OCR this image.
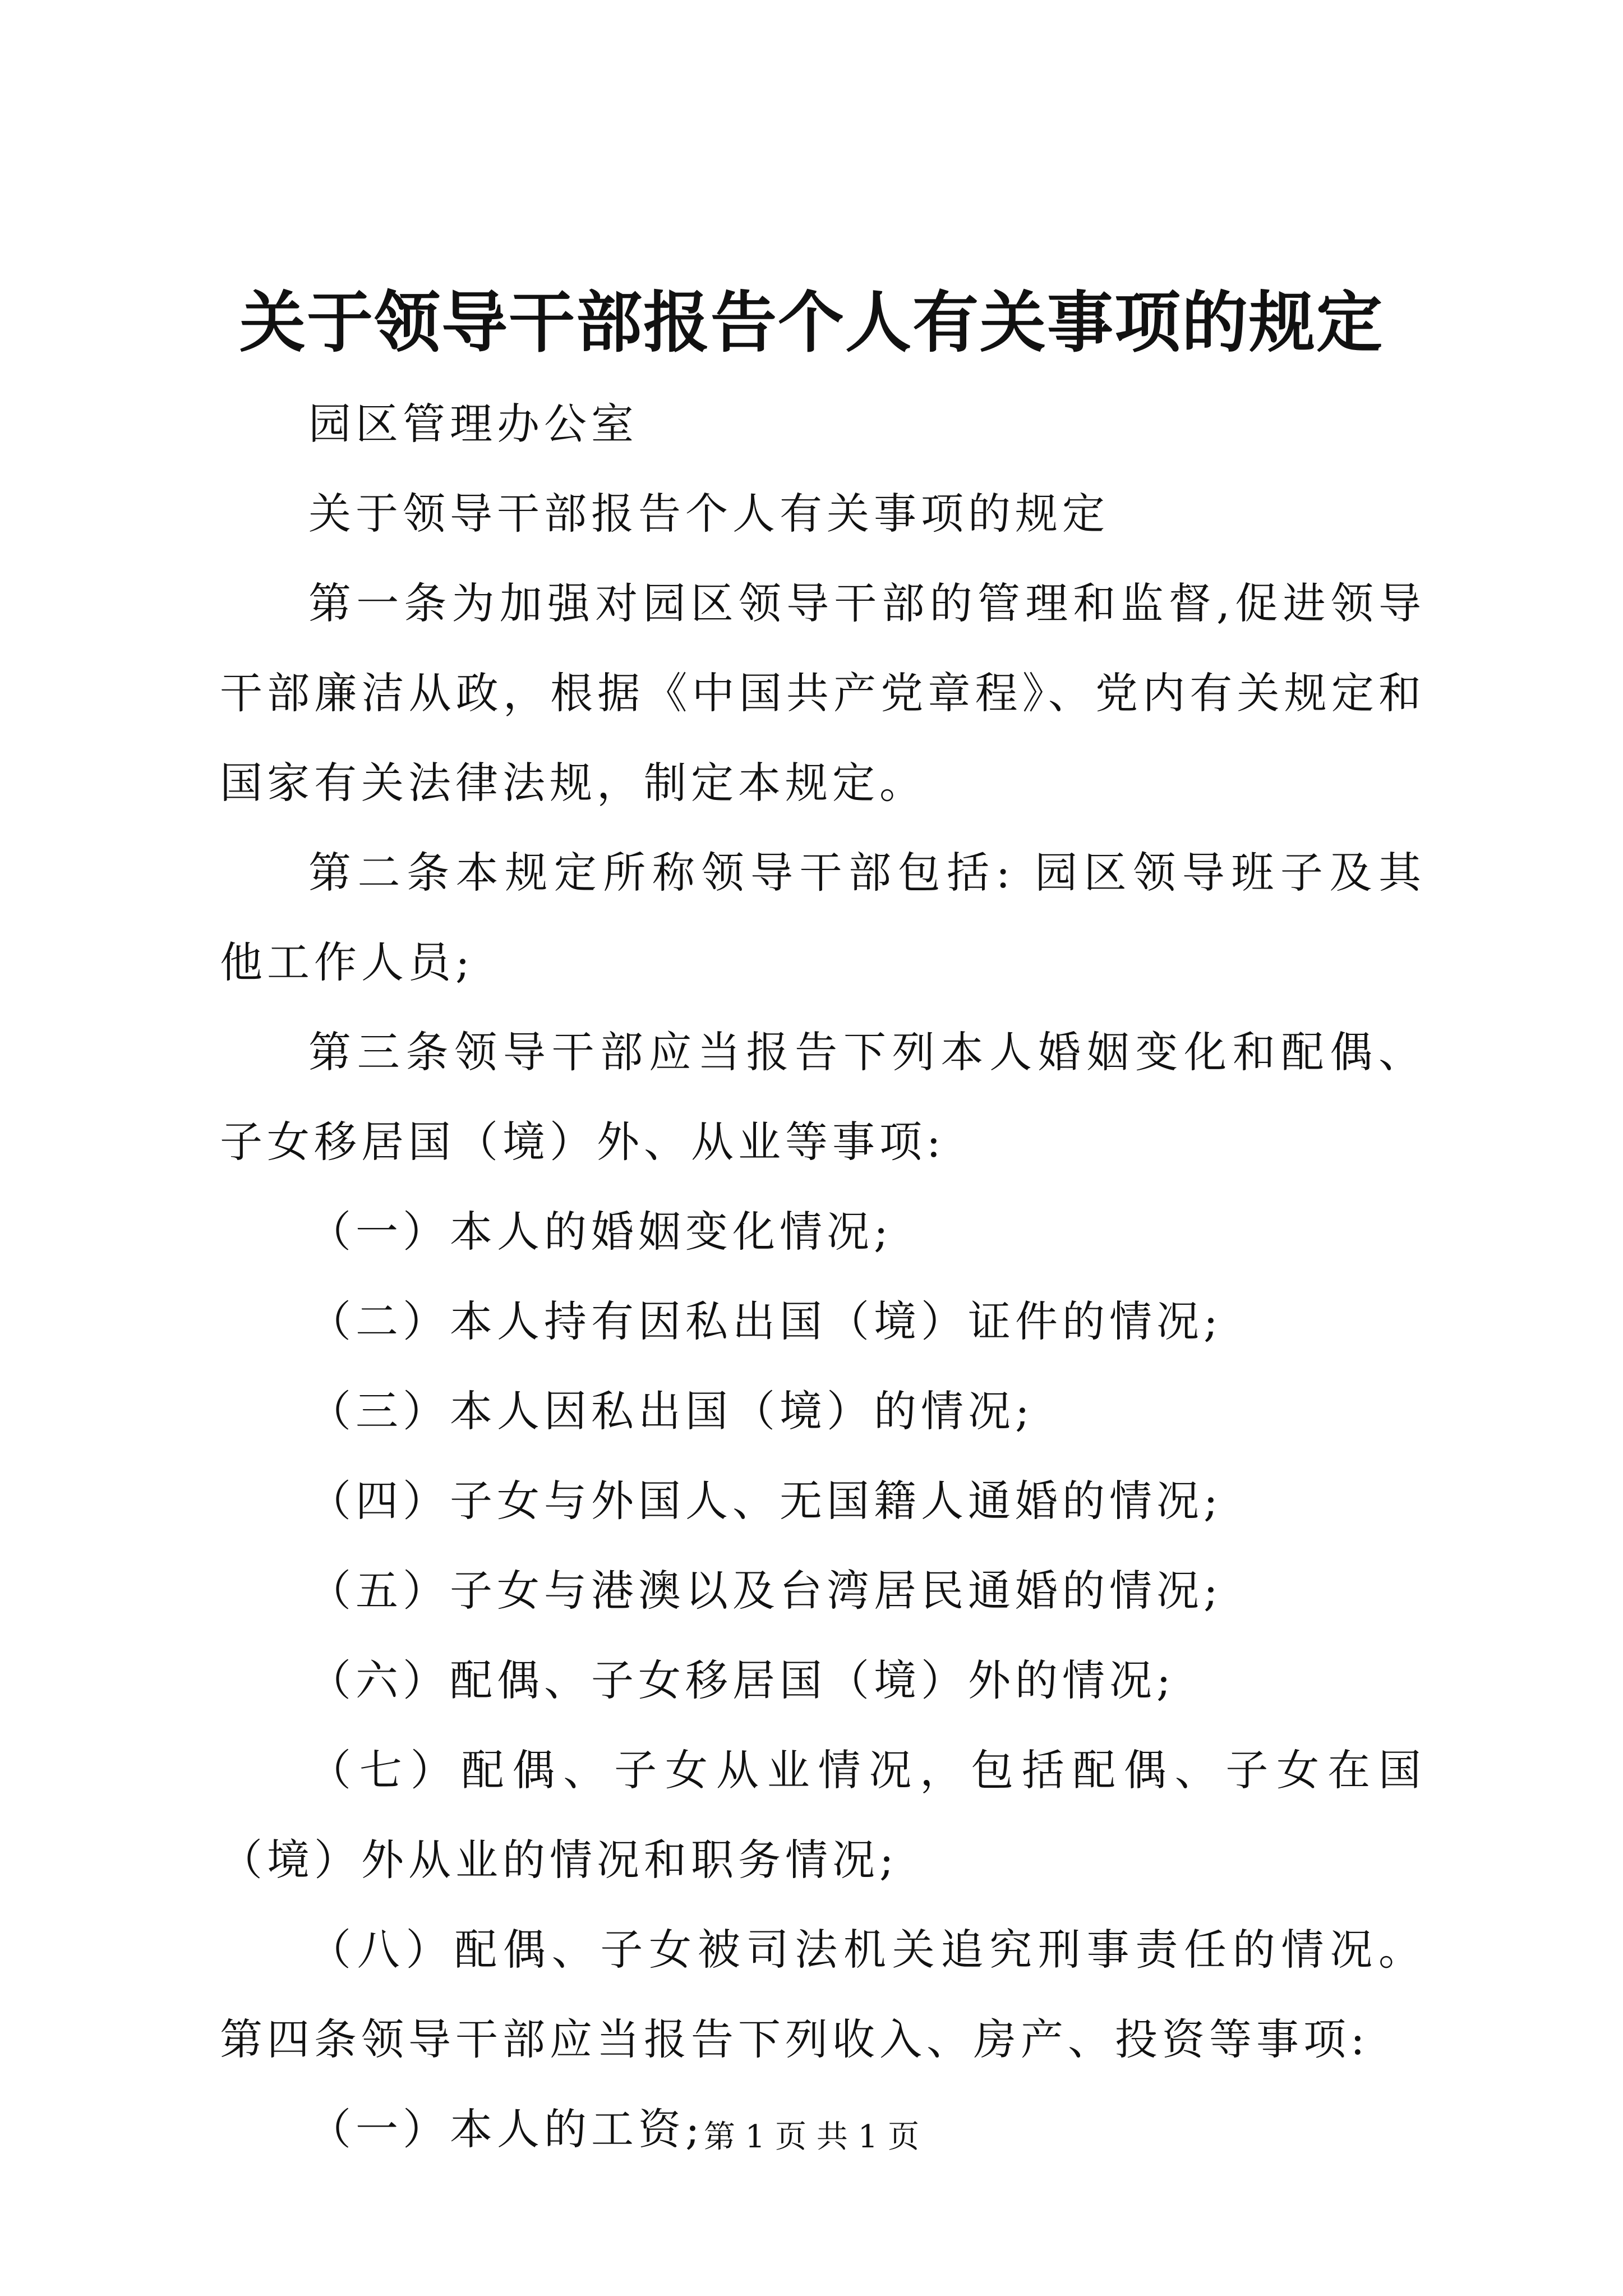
关于领导干部报告个人有关事项的规定

园区管理办公室

关于领导干部报告个人有关事项的规定

第一条为加强对园区领导干部的管理和监督,促进领导干部廉洁从政，根据《中国共产党章程》、党内有关规定和国家有关法律法规，制定本规定。

第二条本规定所称领导干部包括: 园区领导班子及其他工作人员;

第三条领导干部应当报告下列本人婚姻变化和配偶、子女移居国（境）外、从业等事项:

（一）本人的婚姻变化情况;

（二）本人持有因私出国（境）证件的情况;

（三）本人因私出国（境）的情况;

（四）子女与外国人、无国籍人通婚的情况;

（五）子女与港澳以及台湾居民通婚的情况;

（六）配偶、子女移居国（境）外的情况;

（七）配偶、子女从业情况，包括配偶、子女在国（境）外从业的情况和职务情况;

（八）配偶、子女被司法机关追究刑事责任的情况。第四条领导干部应当报告下列收入、房产、投资等事项:

（一）本人的工资; 第 1 页 共 1 页
